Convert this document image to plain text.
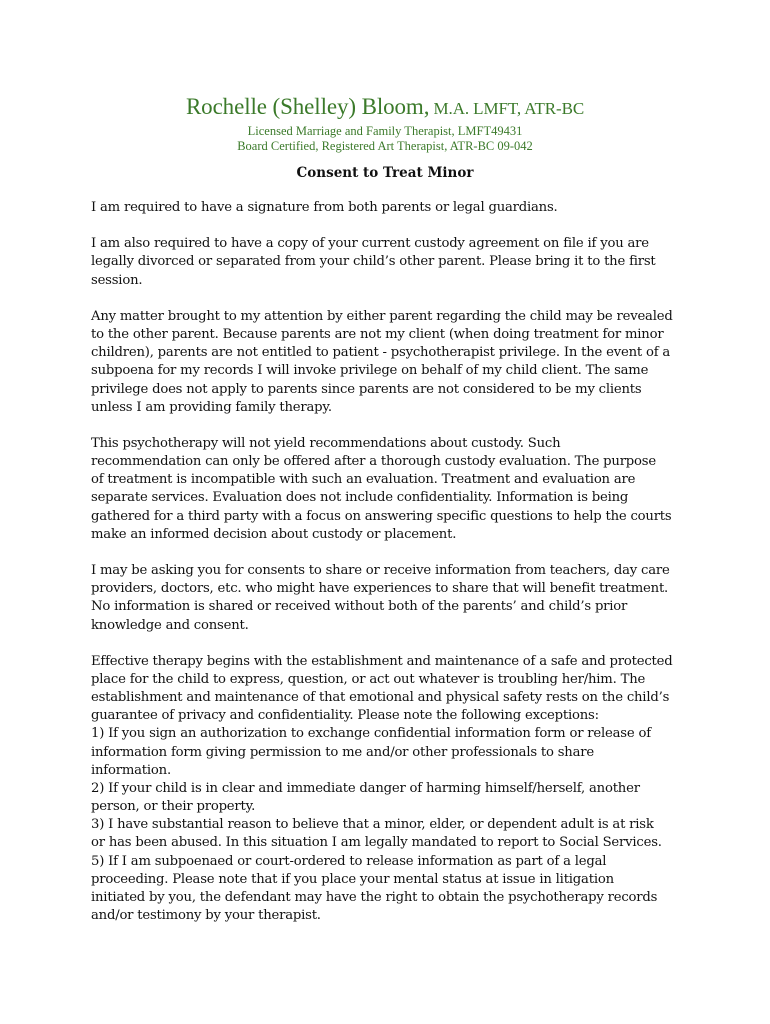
Rochelle (Shelley) Bloom, M.A. LMFT, ATR-BC
Licensed Marriage and Family Therapist, LMFT49431
Board Certified, Registered Art Therapist, ATR-BC 09-042
Consent to Treat Minor
I am required to have a signature from both parents or legal guardians.
I am also required to have a copy of your current custody agreement on file if you are
legally divorced or separated from your child’s other parent. Please bring it to the first
session.
Any matter brought to my attention by either parent regarding the child may be revealed
to the other parent. Because parents are not my client (when doing treatment for minor
children), parents are not entitled to patient - psychotherapist privilege. In the event of a
subpoena for my records I will invoke privilege on behalf of my child client. The same
privilege does not apply to parents since parents are not considered to be my clients
unless I am providing family therapy.
This psychotherapy will not yield recommendations about custody. Such
recommendation can only be offered after a thorough custody evaluation. The purpose
of treatment is incompatible with such an evaluation. Treatment and evaluation are
separate services. Evaluation does not include confidentiality. Information is being
gathered for a third party with a focus on answering specific questions to help the courts
make an informed decision about custody or placement.
I may be asking you for consents to share or receive information from teachers, day care
providers, doctors, etc. who might have experiences to share that will benefit treatment.
No information is shared or received without both of the parents’ and child’s prior
knowledge and consent.
Effective therapy begins with the establishment and maintenance of a safe and protected
place for the child to express, question, or act out whatever is troubling her/him. The
establishment and maintenance of that emotional and physical safety rests on the child’s
guarantee of privacy and confidentiality. Please note the following exceptions:
1) If you sign an authorization to exchange confidential information form or release of
information form giving permission to me and/or other professionals to share
information.
2) If your child is in clear and immediate danger of harming himself/herself, another
person, or their property.
3) I have substantial reason to believe that a minor, elder, or dependent adult is at risk
or has been abused. In this situation I am legally mandated to report to Social Services.
5) If I am subpoenaed or court-ordered to release information as part of a legal
proceeding. Please note that if you place your mental status at issue in litigation
initiated by you, the defendant may have the right to obtain the psychotherapy records
and/or testimony by your therapist.
